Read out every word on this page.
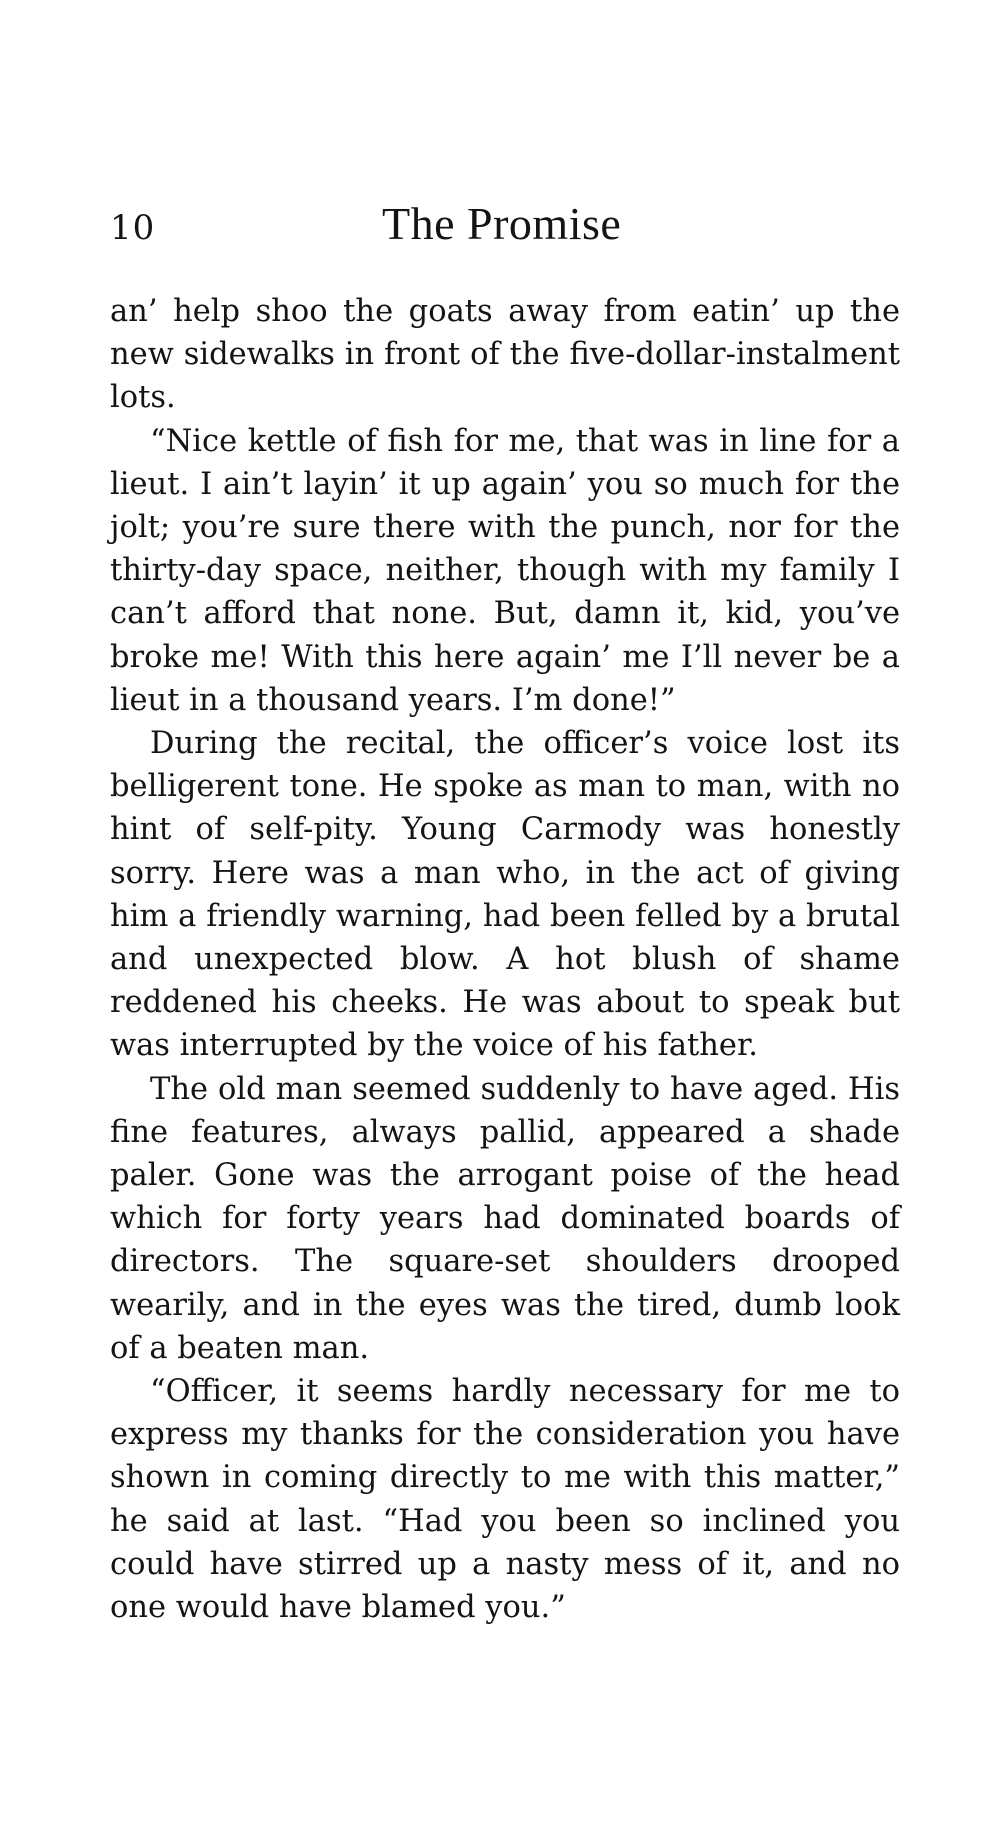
10	The Promise

an’ help shoo the goats away from eatin’ up the new sidewalks in front of the five-dollar-instalment lots.

“Nice kettle of fish for me, that was in line for a lieut. I ain’t layin’ it up again’ you so much for the jolt; you’re sure there with the punch, nor for the thirty-day space, neither, though with my family I can’t afford that none. But, damn it, kid, you’ve broke me! With this here again’ me I’ll never be a lieut in a thousand years. I’m done!”

During the recital, the officer’s voice lost its belligerent tone. He spoke as man to man, with no hint of self-pity. Young Carmody was honestly sorry. Here was a man who, in the act of giving him a friendly warning, had been felled by a brutal and unexpected blow. A hot blush of shame reddened his cheeks. He was about to speak but was interrupted by the voice of his father.

The old man seemed suddenly to have aged. His fine features, always pallid, appeared a shade paler. Gone was the arrogant poise of the head which for forty years had dominated boards of directors. The square-set shoulders drooped wearily, and in the eyes was the tired, dumb look of a beaten man.

“Officer, it seems hardly necessary for me to express my thanks for the consideration you have shown in coming directly to me with this matter,” he said at last. “Had you been so inclined you could have stirred up a nasty mess of it, and no one would have blamed you.”
